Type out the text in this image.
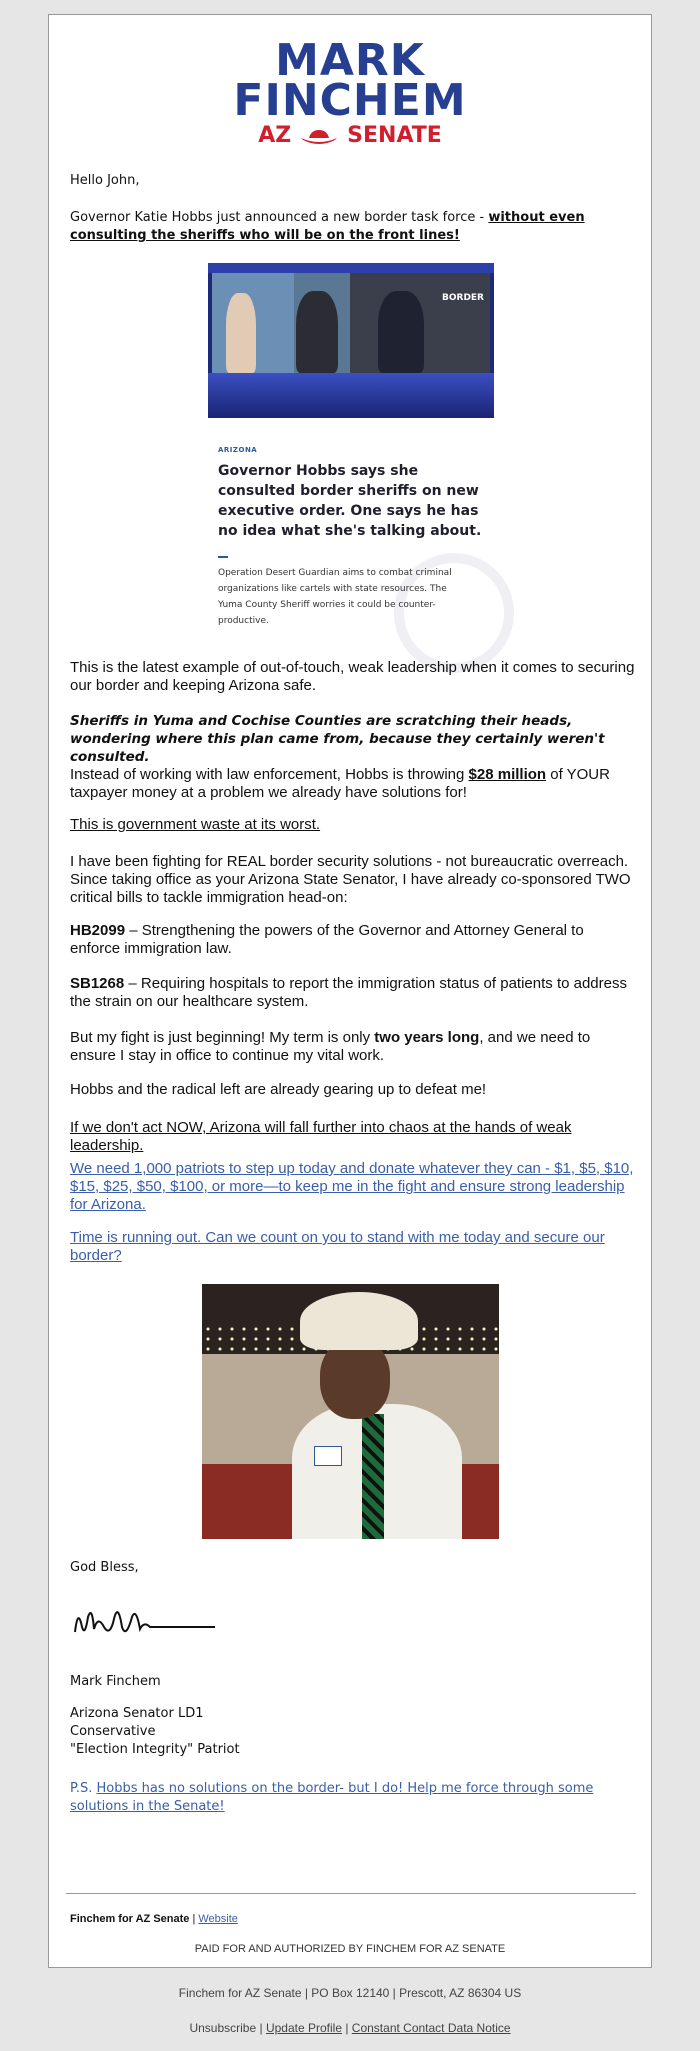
MARK
FINCHEM
AZ	SENATE
Hello John,
Governor Katie Hobbs just announced a new border task force - without even consulting the sheriffs who will be on the front lines!
BORDER
ARIZONA
Governor Hobbs says she consulted border sheriffs on new executive order. One says he has no idea what she's talking about.
Operation Desert Guardian aims to combat criminal organizations like cartels with state resources. The Yuma County Sheriff worries it could be counter-productive.
This is the latest example of out-of-touch, weak leadership when it comes to securing our border and keeping Arizona safe.
Sheriffs in Yuma and Cochise Counties are scratching their heads, wondering where this plan came from, because they certainly weren't consulted.
Instead of working with law enforcement, Hobbs is throwing $28 million of YOUR taxpayer money at a problem we already have solutions for!
This is government waste at its worst.
I have been fighting for REAL border security solutions - not bureaucratic overreach. Since taking office as your Arizona State Senator, I have already co-sponsored TWO critical bills to tackle immigration head-on:
HB2099 – Strengthening the powers of the Governor and Attorney General to enforce immigration law.
SB1268 – Requiring hospitals to report the immigration status of patients to address the strain on our healthcare system.
But my fight is just beginning! My term is only two years long, and we need to ensure I stay in office to continue my vital work.
Hobbs and the radical left are already gearing up to defeat me!
If we don't act NOW, Arizona will fall further into chaos at the hands of weak leadership.
We need 1,000 patriots to step up today and donate whatever they can - $1, $5, $10, $15, $25, $50, $100, or more—to keep me in the fight and ensure strong leadership for Arizona.
Time is running out. Can we count on you to stand with me today and secure our border?
God Bless,
Mark Finchem
Arizona Senator LD1
Conservative
"Election Integrity" Patriot
P.S. Hobbs has no solutions on the border- but I do! Help me force through some solutions in the Senate!
Finchem for AZ Senate | Website
PAID FOR AND AUTHORIZED BY FINCHEM FOR AZ SENATE
Finchem for AZ Senate | PO Box 12140 | Prescott, AZ 86304 US
Unsubscribe | Update Profile | Constant Contact Data Notice
